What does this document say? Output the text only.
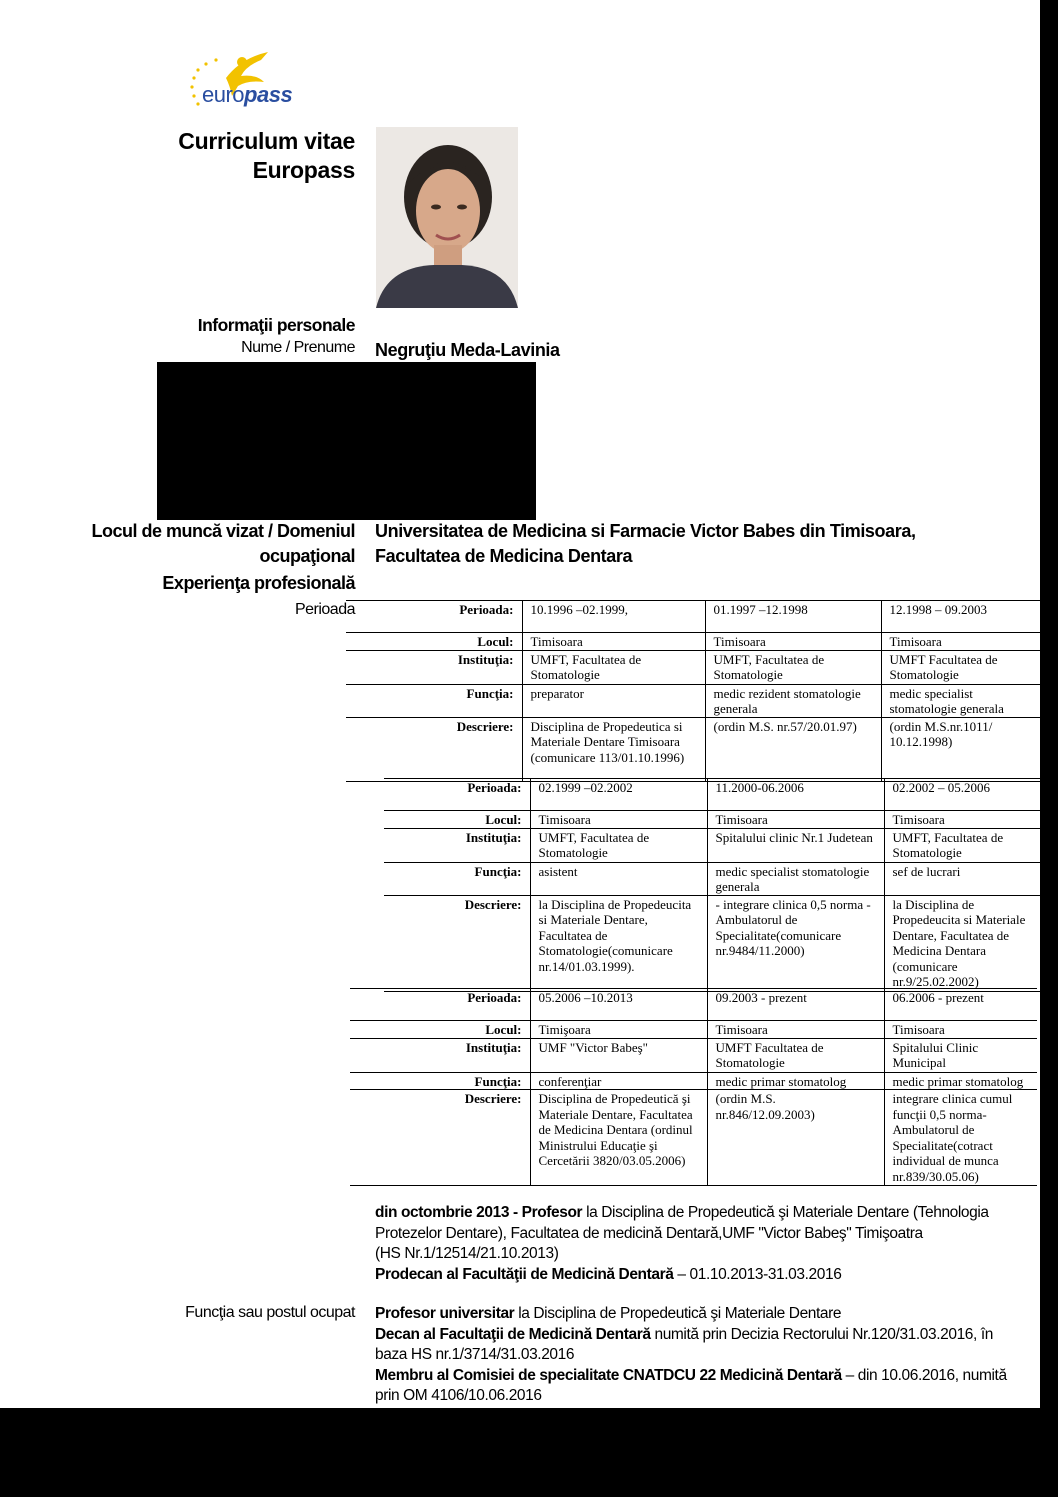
europass
Curriculum vitae
Europass
Informaţii personale
Nume / Prenume Negruţiu Meda-Lavinia
Locul de muncă vizat / Domeniul
ocupaţional
Universitatea de Medicina si Farmacie Victor Babes din Timisoara,
Facultatea de Medicina Dentara
Experienţa profesională
Perioada	Perioada:	10.1996 –02.1999,	01.1997 –12.1998	12.1998 – 09.2003
Locul:	Timisoara	Timisoara	Timisoara
Instituţia:	UMFT, Facultatea de Stomatologie	UMFT, Facultatea de Stomatologie	UMFT Facultatea de Stomatologie
Funcţia:	preparator	medic rezident stomatologie generala	medic specialist stomatologie generala
Descriere:	Disciplina de Propedeutica si Materiale Dentare Timisoara (comunicare 113/01.10.1996)	(ordin M.S. nr.57/20.01.97)	(ordin M.S.nr.1011/ 10.12.1998)
Perioada:	02.1999 –02.2002	11.2000-06.2006	02.2002 – 05.2006
Locul:	Timisoara	Timisoara	Timisoara
Instituţia:	UMFT, Facultatea de Stomatologie	Spitalului clinic Nr.1 Judetean	UMFT, Facultatea de Stomatologie
Funcţia:	asistent	medic specialist stomatologie generala	sef de lucrari
Descriere:	la Disciplina de Propedeucita si Materiale Dentare, Facultatea de Stomatologie(comunicare nr.14/01.03.1999).	- integrare clinica 0,5 norma - Ambulatorul de Specialitate(comunicare nr.9484/11.2000)	la Disciplina de Propedeucita si Materiale Dentare, Facultatea de Medicina Dentara (comunicare nr.9/25.02.2002)
Perioada:	05.2006 –10.2013	09.2003 - prezent	06.2006 - prezent
Locul:	Timişoara	Timisoara	Timisoara
Instituţia:	UMF "Victor Babeş"	UMFT Facultatea de Stomatologie	Spitalului Clinic Municipal
Funcţia:	conferenţiar	medic primar stomatolog	medic primar stomatolog
Descriere:	Disciplina de Propedeutică şi Materiale Dentare, Facultatea de Medicina Dentara (ordinul Ministrului Educaţie şi Cercetării 3820/03.05.2006)	(ordin M.S. nr.846/12.09.2003)	integrare clinica cumul funcţii 0,5 norma-Ambulatorul de Specialitate(cotract individual de munca nr.839/30.05.06)
din octombrie 2013 - Profesor la Disciplina de Propedeutică şi Materiale Dentare (Tehnologia Protezelor Dentare), Facultatea de medicină Dentară,UMF "Victor Babeş" Timişoatra
(HS Nr.1/12514/21.10.2013)
Prodecan al Facultăţii de Medicină Dentară – 01.10.2013-31.03.2016
Funcţia sau postul ocupat Profesor universitar la Disciplina de Propedeutică şi Materiale Dentare
Decan al Facultaţii de Medicină Dentară numită prin Decizia Rectorului Nr.120/31.03.2016, în baza HS nr.1/3714/31.03.2016
Membru al Comisiei de specialitate CNATDCU 22 Medicină Dentară – din 10.06.2016, numită prin OM 4106/10.06.2016
